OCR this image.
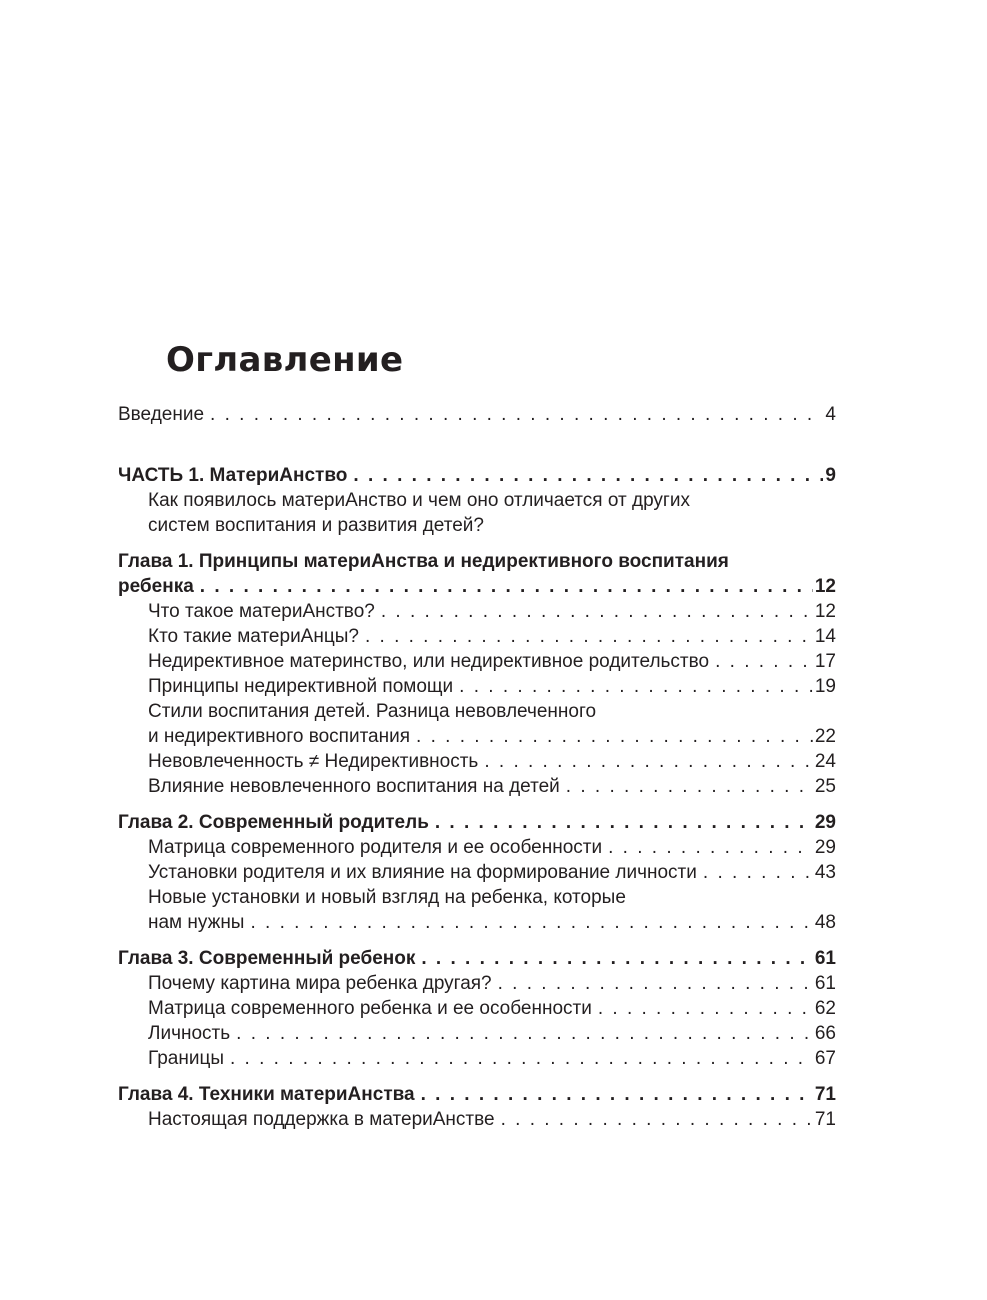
Оглавление
Введение . . .	4
ЧАСТЬ 1. МатериАнство . . .	9
Как появилось материАнство и чем оно отличается от других
систем воспитания и развития детей?
Глава 1. Принципы материАнства и недирективного воспитания
ребенка . . .	12
Что такое материАнство? . . .	12
Кто такие материАнцы? . . .	14
Недирективное материнство, или недирективное родительство . . .	17
Принципы недирективной помощи . . .	19
Стили воспитания детей. Разница невовлеченного
и недирективного воспитания . . .	22
Невовлеченность ≠ Недирективность . . .	24
Влияние невовлеченного воспитания на детей . . .	25
Глава 2. Современный родитель . . .	29
Матрица современного родителя и ее особенности . . .	29
Установки родителя и их влияние на формирование личности . . .	43
Новые установки и новый взгляд на ребенка, которые
нам нужны . . .	48
Глава 3. Современный ребенок . . .	61
Почему картина мира ребенка другая? . . .	61
Матрица современного ребенка и ее особенности . . .	62
Личность . . .	66
Границы . . .	67
Глава 4. Техники материАнства . . .	71
Настоящая поддержка в материАнстве . . .	71
